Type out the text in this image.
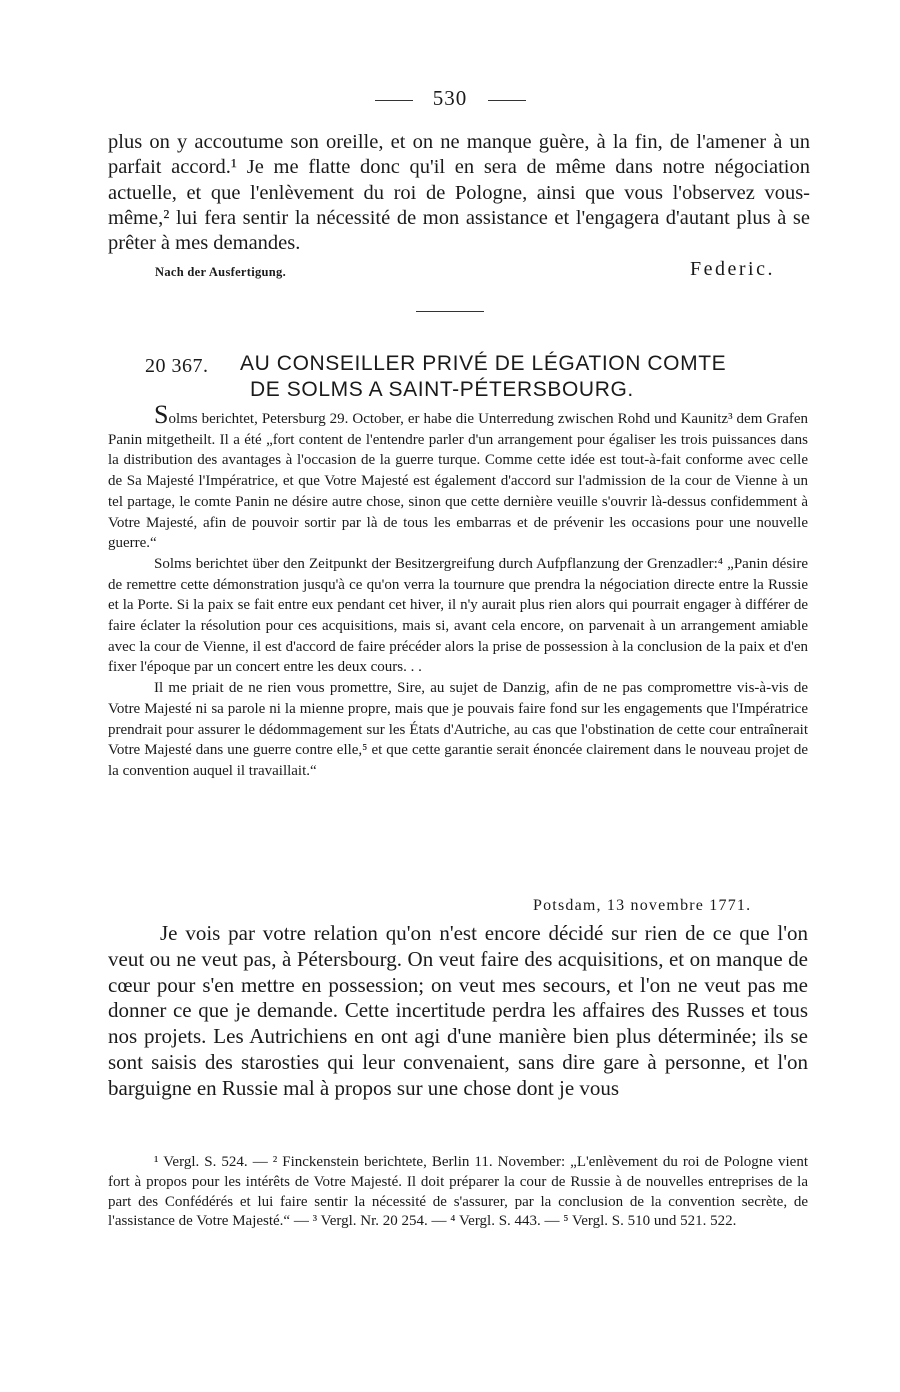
530
plus on y accoutume son oreille, et on ne manque guère, à la fin, de l'amener à un parfait accord.¹ Je me flatte donc qu'il en sera de même dans notre négociation actuelle, et que l'enlèvement du roi de Pologne, ainsi que vous l'observez vous-même,² lui fera sentir la nécessité de mon assistance et l'engagera d'autant plus à se prêter à mes demandes.
Nach der Ausfertigung.	Federic.
20 367. AU CONSEILLER PRIVÉ DE LÉGATION COMTE
DE SOLMS A SAINT-PÉTERSBOURG.

Solms berichtet, Petersburg 29. October, er habe die Unterredung zwischen Rohd und Kaunitz³ dem Grafen Panin mitgetheilt. Il a été „fort content de l'entendre parler d'un arrangement pour égaliser les trois puissances dans la distribution des avantages à l'occasion de la guerre turque. Comme cette idée est tout-à-fait conforme avec celle de Sa Majesté l'Impératrice, et que Votre Majesté est également d'accord sur l'admission de la cour de Vienne à un tel partage, le comte Panin ne désire autre chose, sinon que cette dernière veuille s'ouvrir là-dessus confidemment à Votre Majesté, afin de pouvoir sortir par là de tous les embarras et de prévenir les occasions pour une nouvelle guerre.“

Solms berichtet über den Zeitpunkt der Besitzergreifung durch Aufpflanzung der Grenzadler:⁴ „Panin désire de remettre cette démonstration jusqu'à ce qu'on verra la tournure que prendra la négociation directe entre la Russie et la Porte. Si la paix se fait entre eux pendant cet hiver, il n'y aurait plus rien alors qui pourrait engager à différer de faire éclater la résolution pour ces acquisitions, mais si, avant cela encore, on parvenait à un arrangement amiable avec la cour de Vienne, il est d'accord de faire précéder alors la prise de possession à la conclusion de la paix et d'en fixer l'époque par un concert entre les deux cours. . .

Il me priait de ne rien vous promettre, Sire, au sujet de Danzig, afin de ne pas compromettre vis-à-vis de Votre Majesté ni sa parole ni la mienne propre, mais que je pouvais faire fond sur les engagements que l'Impératrice prendrait pour assurer le dédommagement sur les États d'Autriche, au cas que l'obstination de cette cour entraînerait Votre Majesté dans une guerre contre elle,⁵ et que cette garantie serait énoncée clairement dans le nouveau projet de la convention auquel il travaillait.“

Potsdam, 13 novembre 1771.

Je vois par votre relation qu'on n'est encore décidé sur rien de ce que l'on veut ou ne veut pas, à Pétersbourg. On veut faire des acquisitions, et on manque de cœur pour s'en mettre en possession; on veut mes secours, et l'on ne veut pas me donner ce que je demande. Cette incertitude perdra les affaires des Russes et tous nos projets. Les Autrichiens en ont agi d'une manière bien plus déterminée; ils se sont saisis des starosties qui leur convenaient, sans dire gare à personne, et l'on barguigne en Russie mal à propos sur une chose dont je vous

¹ Vergl. S. 524. — ² Finckenstein berichtete, Berlin 11. November: „L'enlèvement du roi de Pologne vient fort à propos pour les intérêts de Votre Majesté. Il doit préparer la cour de Russie à de nouvelles entreprises de la part des Confédérés et lui faire sentir la nécessité de s'assurer, par la conclusion de la convention secrète, de l'assistance de Votre Majesté.“ — ³ Vergl. Nr. 20 254. — ⁴ Vergl. S. 443. — ⁵ Vergl. S. 510 und 521. 522.
